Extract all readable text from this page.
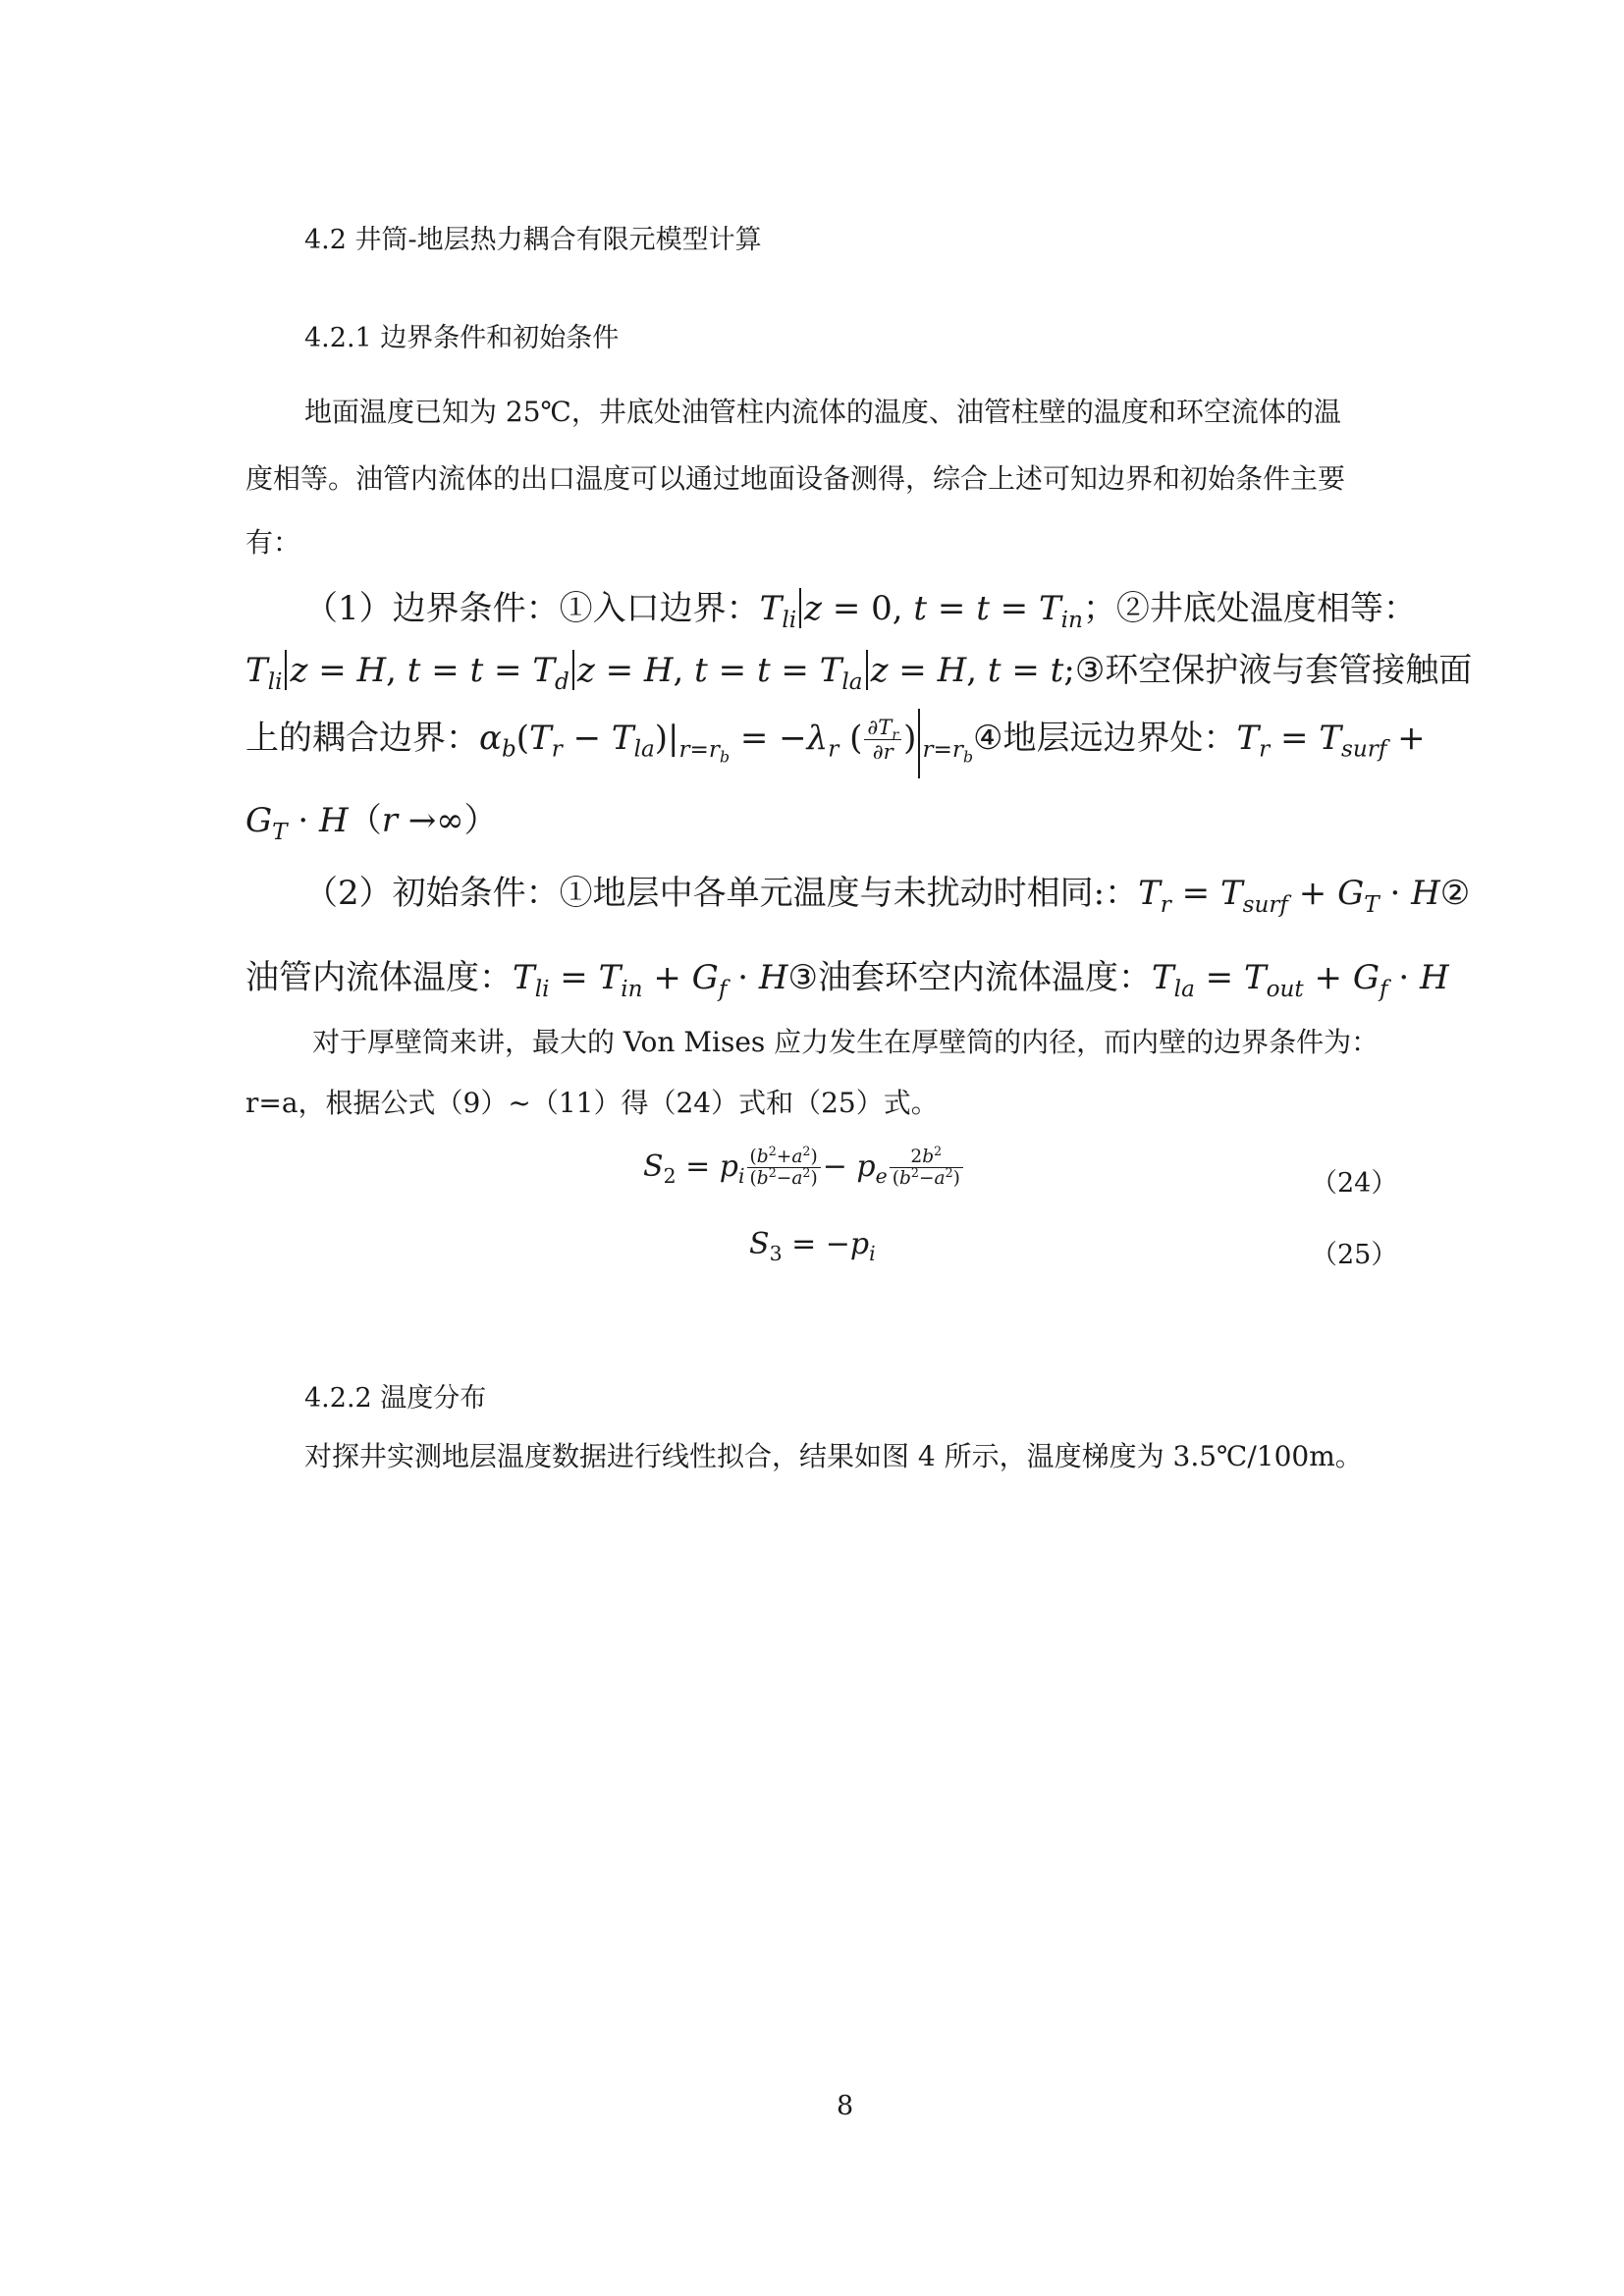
4.2 井筒-地层热力耦合有限元模型计算
4.2.1 边界条件和初始条件
地面温度已知为 25℃，井底处油管柱内流体的温度、油管柱壁的温度和环空流体的温
度相等。油管内流体的出口温度可以通过地面设备测得，综合上述可知边界和初始条件主要
有：
（1）边界条件：①入口边界：$T_{li}$ z = 0, $t = t = T_{in}$；②井底处温度相等：
$T_{li}$ z = H, $t = t = T_d$ z = H, $t = t = T_{la}$ z = H, t = t;③环空保护液与套管接触面
上的耦合边界：$\alpha_b(T_r - T_{la})|_{r=r_b} = -\lambda_r$ ( $\frac{\partial T_r}{\partial r}$ ) $_{r=r_b}$④地层远边界处：$T_r = T_{surf}$ +
$G_T \cdot H(r$ →∞）
（2）初始条件：①地层中各单元温度与未扰动时相同:：$T_r = T_{surf} + G_T$ · H②
油管内流体温度：$T_{li} = T_{in} + G_f$ · H③油套环空内流体温度：$T_{la} = T_{out} + G_f \cdot H$
对于厚壁筒来讲，最大的 Von Mises 应力发生在厚壁筒的内径，而内壁的边界条件为：
r=a，根据公式（9）~（11）得（24）式和（25）式。
$S_2 = p_i \frac{(b^2+a^2)}{(b^2-a^2)} - p_e \frac{2b^2}{(b^2-a^2)}$	（24）
$S_3 = -p_i$	（25）
4.2.2 温度分布
对探井实测地层温度数据进行线性拟合，结果如图 4 所示，温度梯度为 3.5℃/100m。
8
